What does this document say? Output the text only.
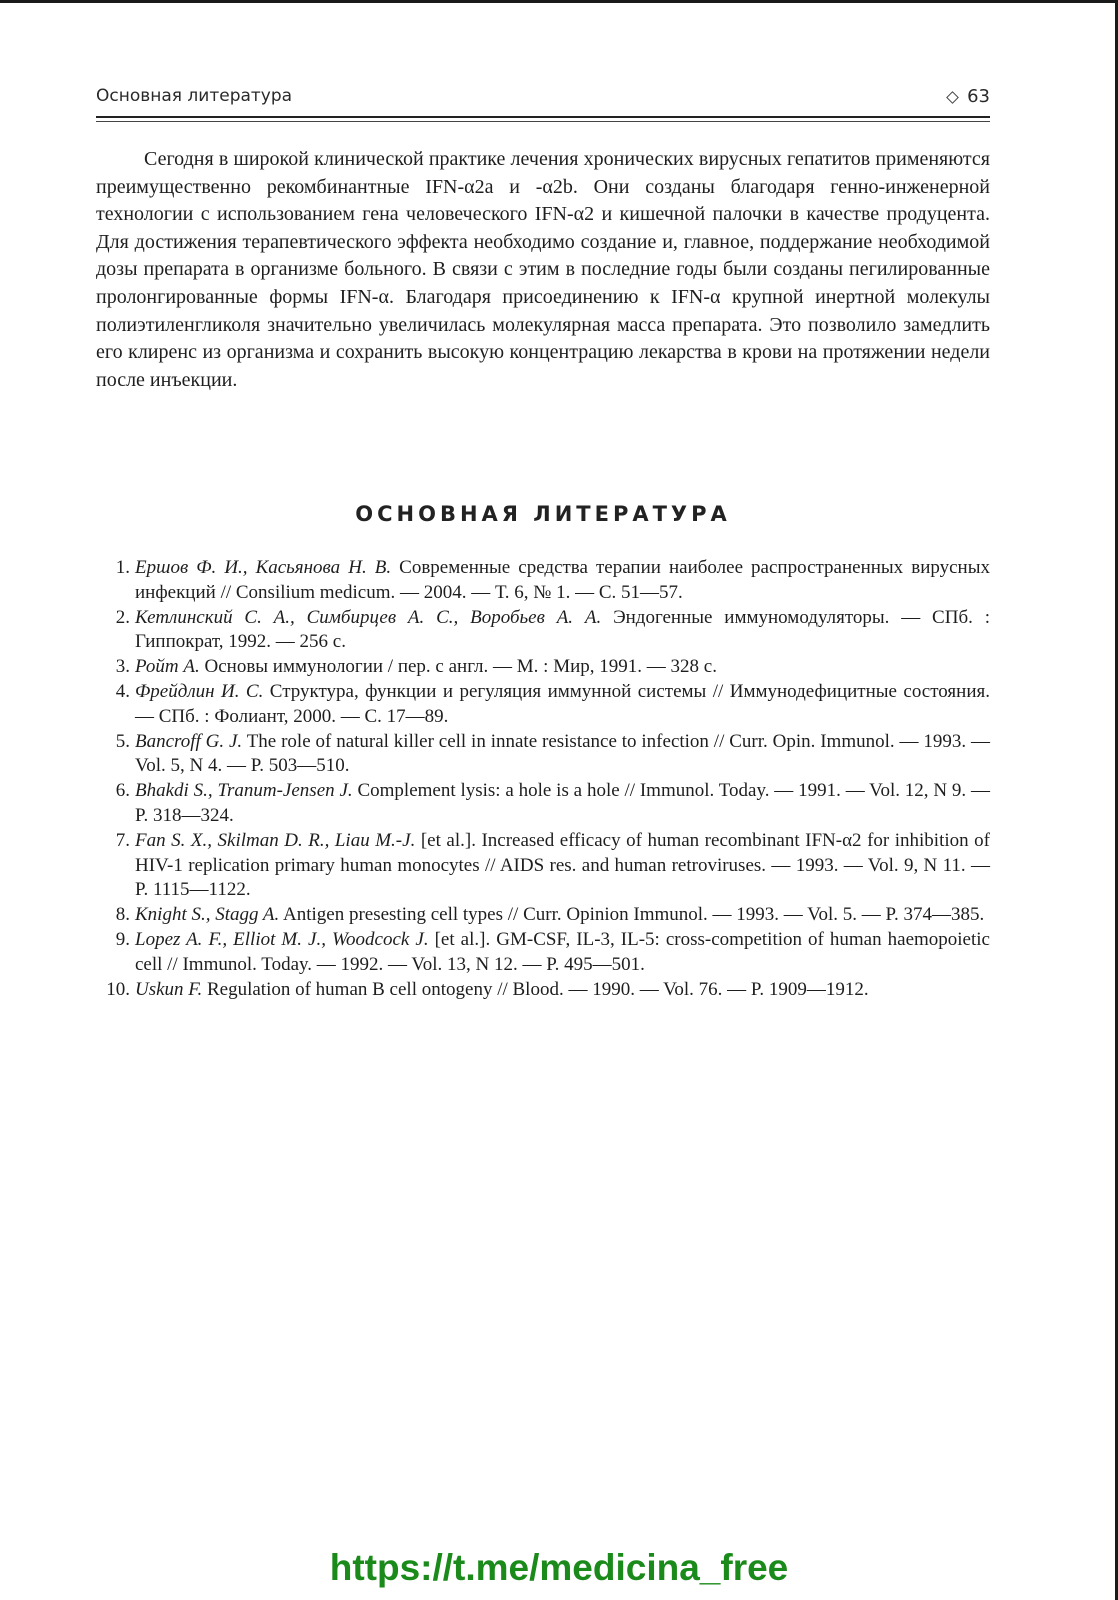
Основная литература	63

Сегодня в широкой клинической практике лечения хронических вирусных гепатитов применяются преимущественно рекомбинантные IFN-α2a и -α2b. Они созданы благодаря генно-инженерной технологии с использованием гена человеческого IFN-α2 и кишечной палочки в качестве продуцента. Для достижения терапевтического эффекта необходимо создание и, главное, поддержание необходимой дозы препарата в организме больного. В связи с этим в последние годы были созданы пегилированные пролонгированные формы IFN-α. Благодаря присоединению к IFN-α крупной инертной молекулы полиэтиленгликоля значительно увеличилась молекулярная масса препарата. Это позволило замедлить его клиренс из организма и сохранить высокую концентрацию лекарства в крови на протяжении недели после инъекции.

ОСНОВНАЯ ЛИТЕРАТУРА
1. Ершов Ф. И., Касьянова Н. В. Современные средства терапии наиболее распространенных вирусных инфекций // Consilium medicum. — 2004. — Т. 6, № 1. — С. 51—57.
2. Кетлинский С. А., Симбирцев А. С., Воробьев А. А. Эндогенные иммуномодуляторы. — СПб. : Гиппократ, 1992. — 256 с.
3. Ройт А. Основы иммунологии / пер. с англ. — М. : Мир, 1991. — 328 с.
4. Фрейдлин И. С. Структура, функции и регуляция иммунной системы // Иммунодефицитные состояния. — СПб. : Фолиант, 2000. — С. 17—89.
5. Bancroff G. J. The role of natural killer cell in innate resistance to infection // Curr. Opin. Immunol. — 1993. — Vol. 5, N 4. — P. 503—510.
6. Bhakdi S., Tranum-Jensen J. Complement lysis: a hole is a hole // Immunol. Today. — 1991. — Vol. 12, N 9. — P. 318—324.
7. Fan S. X., Skilman D. R., Liau M.-J. [et al.]. Increased efficacy of human recombinant IFN-α2 for inhibition of HIV-1 replication primary human monocytes // AIDS res. and human retroviruses. — 1993. — Vol. 9, N 11. — P. 1115—1122.
8. Knight S., Stagg A. Antigen presesting cell types // Curr. Opinion Immunol. — 1993. — Vol. 5. — P. 374—385.
9. Lopez A. F., Elliot M. J., Woodcock J. [et al.]. GM-CSF, IL-3, IL-5: cross-competition of human haemopoietic cell // Immunol. Today. — 1992. — Vol. 13, N 12. — P. 495—501.
10. Uskun F. Regulation of human B cell ontogeny // Blood. — 1990. — Vol. 76. — P. 1909—1912.
https://t.me/medicina_free
